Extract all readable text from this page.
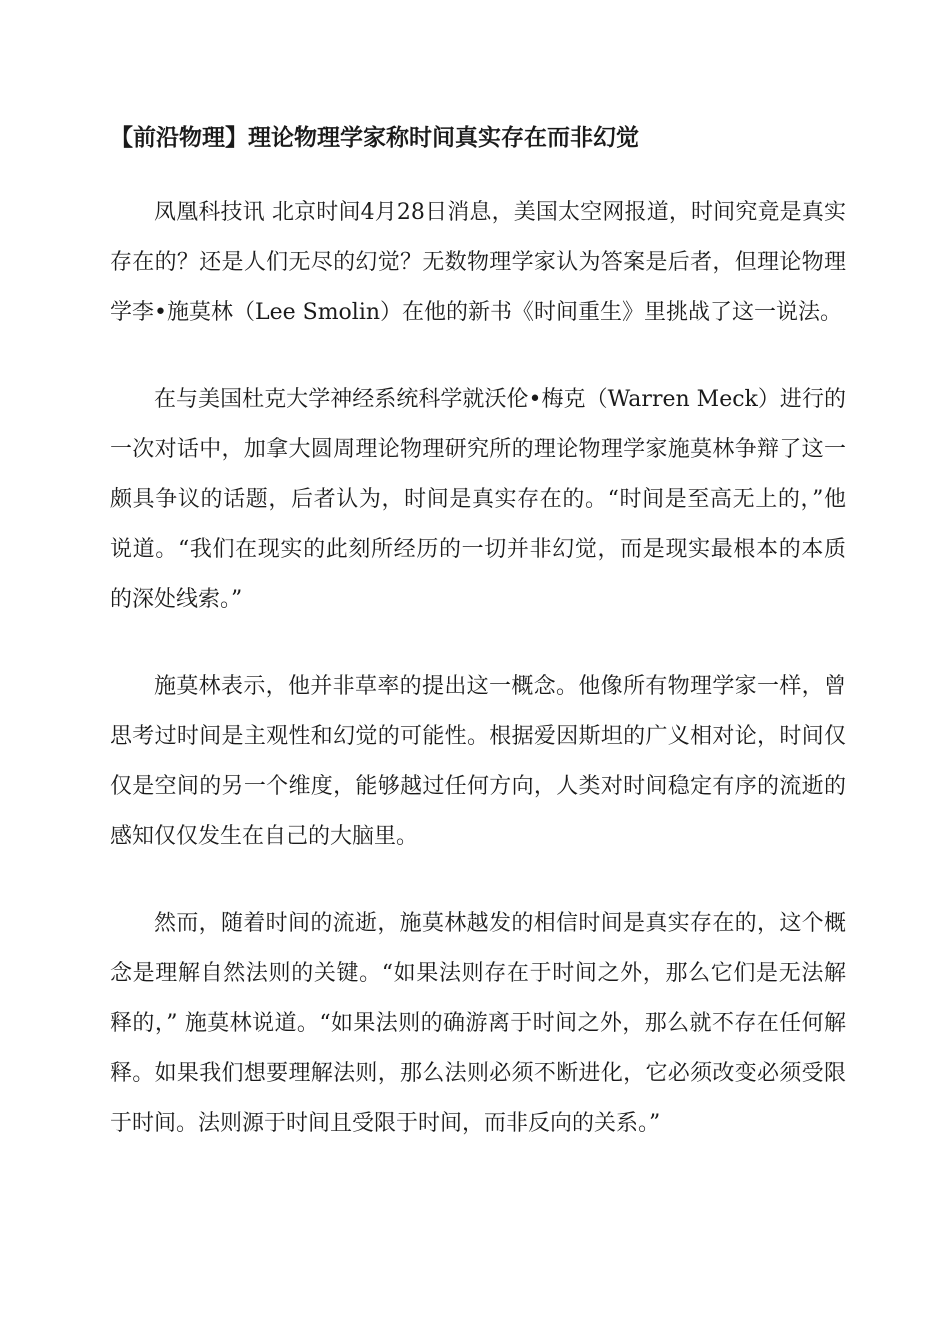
【前沿物理】理论物理学家称时间真实存在而非幻觉

凤凰科技讯 北京时间4月28日消息，美国太空网报道，时间究竟是真实存在的？还是人们无尽的幻觉？无数物理学家认为答案是后者，但理论物理学李•施莫林（Lee Smolin）在他的新书《时间重生》里挑战了这一说法。

在与美国杜克大学神经系统科学就沃伦•梅克（Warren Meck）进行的一次对话中，加拿大圆周理论物理研究所的理论物理学家施莫林争辩了这一颇具争议的话题，后者认为，时间是真实存在的。“时间是至高无上的，”他说道。“我们在现实的此刻所经历的一切并非幻觉，而是现实最根本的本质的深处线索。”

施莫林表示，他并非草率的提出这一概念。他像所有物理学家一样，曾思考过时间是主观性和幻觉的可能性。根据爱因斯坦的广义相对论，时间仅仅是空间的另一个维度，能够越过任何方向，人类对时间稳定有序的流逝的感知仅仅发生在自己的大脑里。

然而，随着时间的流逝，施莫林越发的相信时间是真实存在的，这个概念是理解自然法则的关键。“如果法则存在于时间之外，那么它们是无法解释的，” 施莫林说道。“如果法则的确游离于时间之外，那么就不存在任何解释。如果我们想要理解法则，那么法则必须不断进化，它必须改变必须受限于时间。法则源于时间且受限于时间，而非反向的关系。”
